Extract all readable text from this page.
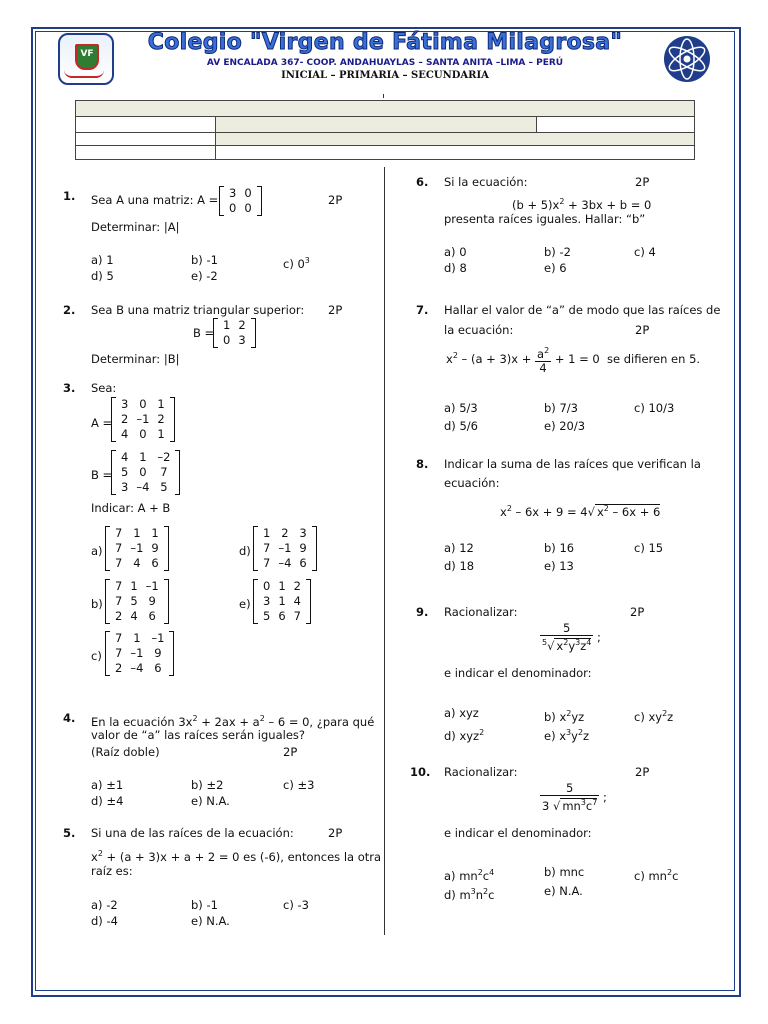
VF	Colegio "Virgen de Fátima Milagrosa"
AV ENCALADA 367- COOP. ANDAHUAYLAS – SANTA ANITA –LIMA – PERÚ
INICIAL – PRIMARIA – SECUNDARIA

1. Sea A una matriz: A = 3	0
0	0
2P
Determinar: |A|
a) 1	b) -1	c) $0^3$
d) 5	e) -2
2. Sea B una matriz triangular superior: 2P
B =
1	2
0	3
Determinar: |B|
3. Sea:
A =
3	0	1
2	–1	2
4	0	1
B =
4	1	–2
5	0	7
3	–4	5
Indicar: A + B
a)
7	1	1
7	–1	9
7	4	6
d)
1	2	3
7	–1	9
7	–4	6
b)
7	1	–1
7	5	9
2	4	6
e)
0	1	2
3	1	4
5	6	7
c)
7	1	–1
7	–1	9
2	–4	6
4. En la ecuación $3x^2 + 2ax + a^2 - 6 = 0$, ¿para qué
valor de “a” las raíces serán iguales?
(Raíz doble)	2P
a) ±1	b) ±2	c) ±3
d) ±4	e) N.A.
5. Si una de las raíces de la ecuación:	2P
$x^2 + (a + 3)x + a + 2 = 0$ es (-6), entonces la otra
raíz es:
a) -2	b) -1	c) -3
d) -4	e) N.A.
6. Si la ecuación:	2P
$(b + 5)x^2 + 3bx + b = 0$
presenta raíces iguales. Hallar: “b”
a) 0	b) -2	c) 4
d) 8	e) 6
7. Hallar el valor de “a” de modo que las raíces de
la ecuación:	2P
$x^2 - (a + 3)x + \frac{a^2}{4} + 1 = 0$ se difieren en 5.
a) 5/3	b) 7/3	c) 10/3
d) 5/6	e) 20/3
8. Indicar la suma de las raíces que verifican la
ecuación:
$x^2 - 6x + 9 = 4√$ $x^2 - 6x + 6$
a) 12	b) 16	c) 15
d) 18	e) 13
9. Racionalizar:	2P
$\frac{5}{^5√ x^2y^3z^4}$ ;
e indicar el denominador:
a) xyz	b) $x^2yz$	c) $xy^2z$
d) xyz$^2$	e) $x^3y^2z$
10. Racionalizar:	2P
$\frac{5}{3 √ mn^3c^7}$ ;
e indicar el denominador:
a) $mn^2c^4$	b) mnc	c) $mn^2c$
d) $m^3n^2c$	e) N.A.
